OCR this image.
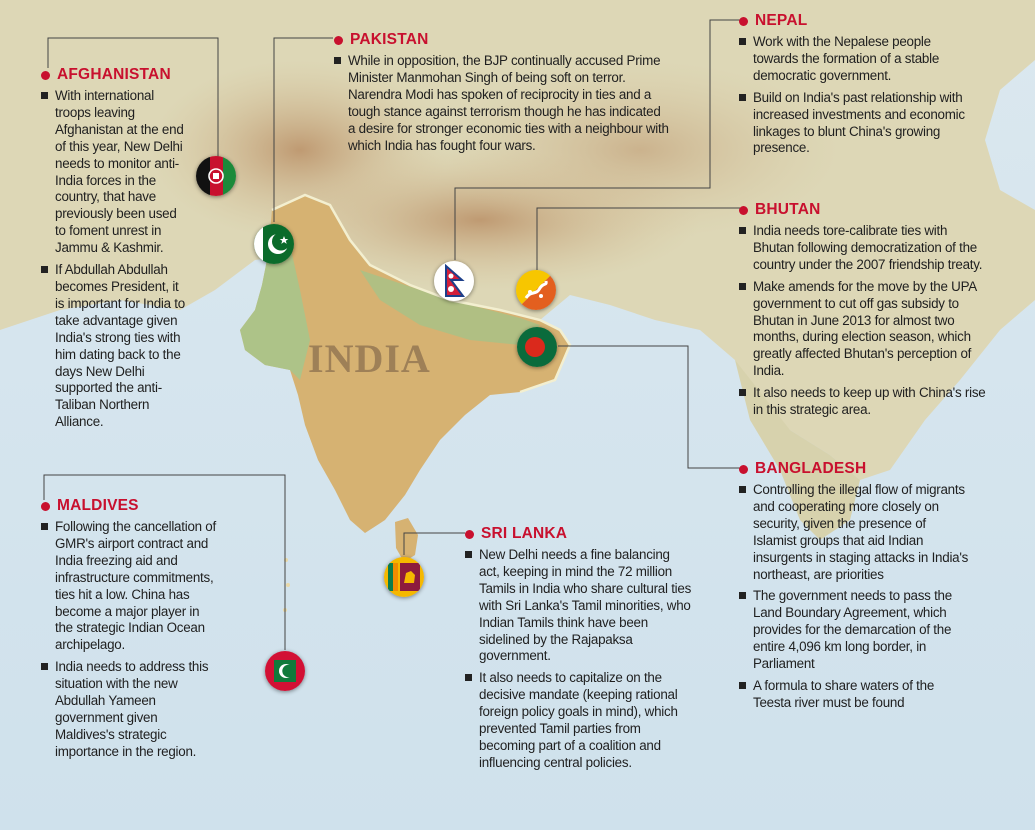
INDIA
AFGHANISTAN
With international troops leaving Afghanistan at the end of this year, New Delhi needs to monitor anti-India forces in the country, that have previously been used to foment unrest in Jammu & Kashmir.
If Abdullah Abdullah becomes President, it is important for India to take advantage given India's strong ties with him dating back to the days New Delhi supported the anti-Taliban Northern Alliance.
PAKISTAN
While in opposition, the BJP continually accused Prime Minister Manmohan Singh of being soft on terror. Narendra Modi has spoken of reciprocity in ties and a tough stance against terrorism though he has indicated a desire for stronger economic ties with a neighbour with which India has fought four wars.
NEPAL
Work with the Nepalese people towards the formation of a stable democratic government.
Build on India's past relationship with increased investments and economic linkages to blunt China's growing presence.
BHUTAN
India needs tore-calibrate ties with Bhutan following democratization of the country under the 2007 friendship treaty.
Make amends for the move by the UPA government to cut off gas subsidy to Bhutan in June 2013 for almost two months, during election season, which greatly affected Bhutan's perception of India.
It also needs to keep up with China's rise in this strategic area.
BANGLADESH
Controlling the illegal flow of migrants and cooperating more closely on security, given the presence of Islamist groups that aid Indian insurgents in staging attacks in India's northeast, are priorities
The government needs to pass the Land Boundary Agreement, which provides for the demarcation of the entire 4,096 km long border, in Parliament
A formula to share waters of the Teesta river must be found
MALDIVES
Following the cancellation of GMR's airport contract and India freezing aid and infrastructure commitments, ties hit a low. China has become a major player in the strategic Indian Ocean archipelago.
India needs to address this situation with the new Abdullah Yameen government given Maldives's strategic importance in the region.
SRI LANKA
New Delhi needs a fine balancing act, keeping in mind the 72 million Tamils in India who share cultural ties with Sri Lanka's Tamil minorities, who Indian Tamils think have been sidelined by the Rajapaksa government.
It also needs to capitalize on the decisive mandate (keeping rational foreign policy goals in mind), which prevented Tamil parties from becoming part of a coalition and influencing central policies.
